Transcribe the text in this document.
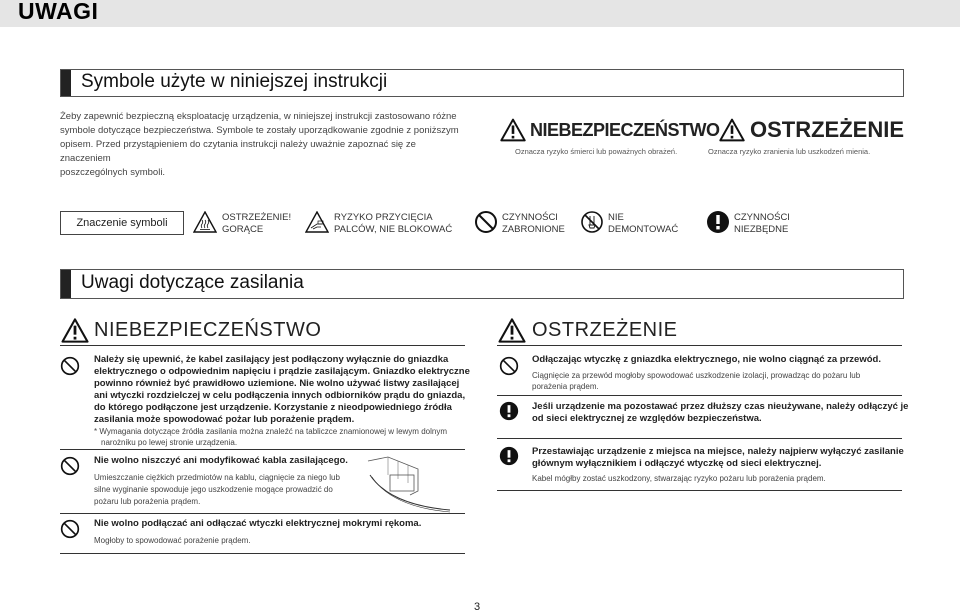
UWAGI
Symbole użyte w niniejszej instrukcji
Żeby zapewnić bezpieczną eksploatację urządzenia, w niniejszej instrukcji zastosowano różne
symbole dotyczące bezpieczeństwa. Symbole te zostały uporządkowanie zgodnie z poniższym
opisem. Przed przystąpieniem do czytania instrukcji należy uważnie zapoznać się ze znaczeniem
poszczególnych symboli.
NIEBEZPIECZEŃSTWO
Oznacza ryzyko śmierci lub poważnych obrażeń.
OSTRZEŻENIE
Oznacza ryzyko zranienia lub uszkodzeń mienia.
Znaczenie symboli	OSTRZEŻENIE!
GORĄCE
RYZYKO PRZYCIĘCIA
PALCÓW, NIE BLOKOWAĆ
CZYNNOŚCI
ZABRONIONE
NIE
DEMONTOWAĆ
CZYNNOŚCI
NIEZBĘDNE
Uwagi dotyczące zasilania
NIEBEZPIECZEŃSTWO
Należy się upewnić, że kabel zasilający jest podłączony wyłącznie do gniazdka
elektrycznego o odpowiednim napięciu i prądzie zasilającym. Gniazdko elektryczne
powinno również być prawidłowo uziemione. Nie wolno używać listwy zasilającej
ani wtyczki rozdzielczej w celu podłączenia innych odbiorników prądu do gniazda,
do którego podłączone jest urządzenie. Korzystanie z nieodpowiedniego źródła
zasilania może spowodować pożar lub porażenie prądem.
* Wymagania dotyczące źródła zasilania można znaleźć na tabliczce znamionowej w lewym dolnym
narożniku po lewej stronie urządzenia.
Nie wolno niszczyć ani modyfikować kabla zasilającego.
Umieszczanie ciężkich przedmiotów na kablu, ciągnięcie za niego lub
silne wyginanie spowoduje jego uszkodzenie mogące prowadzić do
pożaru lub porażenia prądem.
Nie wolno podłączać ani odłączać wtyczki elektrycznej mokrymi rękoma.
Mogłoby to spowodować porażenie prądem.
OSTRZEŻENIE
Odłączając wtyczkę z gniazdka elektrycznego, nie wolno ciągnąć za przewód.
Ciągnięcie za przewód mogłoby spowodować uszkodzenie izolacji, prowadząc do pożaru lub
porażenia prądem.
Jeśli urządzenie ma pozostawać przez dłuższy czas nieużywane, należy odłączyć je
od sieci elektrycznej ze względów bezpieczeństwa.
Przestawiając urządzenie z miejsca na miejsce, należy najpierw wyłączyć zasilanie
głównym wyłącznikiem i odłączyć wtyczkę od sieci elektrycznej.
Kabel mógłby zostać uszkodzony, stwarzając ryzyko pożaru lub porażenia prądem.
3
